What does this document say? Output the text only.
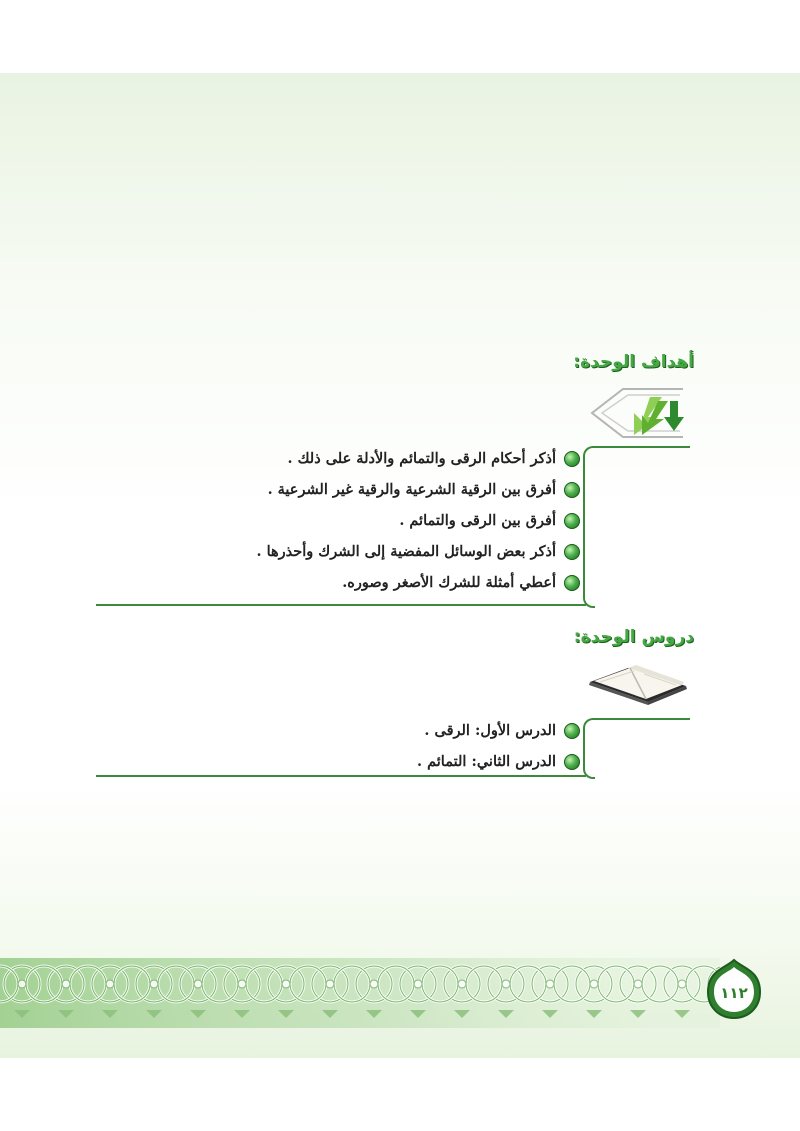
أهداف الوحدة:
أذكر أحكام الرقى والتمائم والأدلة على ذلك .
أفرق بين الرقية الشرعية والرقية غير الشرعية .
أفرق بين الرقى والتمائم .
أذكر بعض الوسائل المفضية إلى الشرك وأحذرها .
أعطي أمثلة للشرك الأصغر وصوره.
دروس الوحدة:
الدرس الأول: الرقى .
الدرس الثاني: التمائم .
١١٢
